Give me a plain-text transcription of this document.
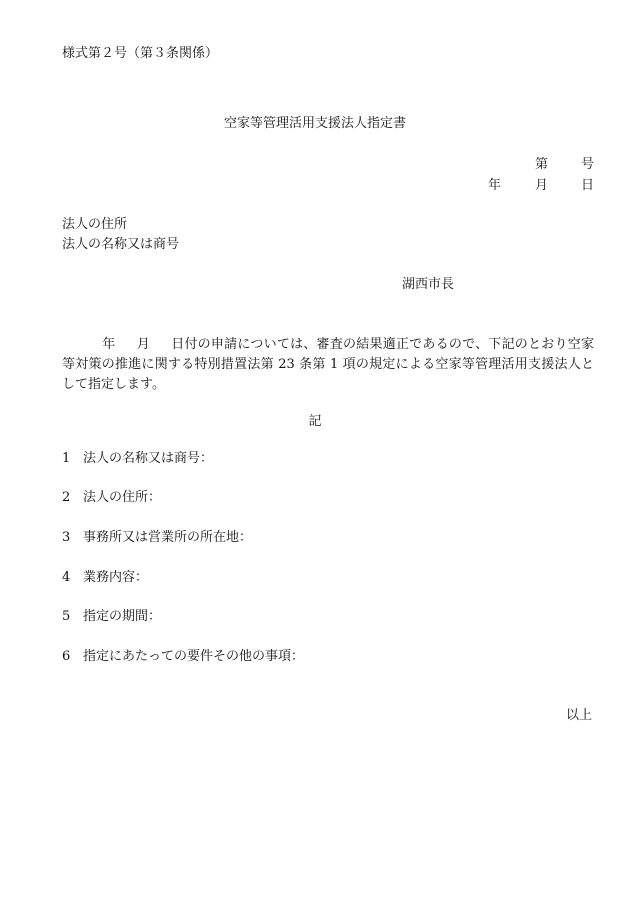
様式第２号（第３条関係）
空家等管理活用支援法人指定書
第	号
年	月	日
法人の住所
法人の名称又は商号
湖西市長
年 月 日付の申請については、審査の結果適正であるので、下記のとおり空家等対策の推進に関する特別措置法第 23 条第 1 項の規定による空家等管理活用支援法人として指定します。
記
1 法人の名称又は商号：
2 法人の住所：
3 事務所又は営業所の所在地：
4 業務内容：
5 指定の期間：
6 指定にあたっての要件その他の事項：
以上
